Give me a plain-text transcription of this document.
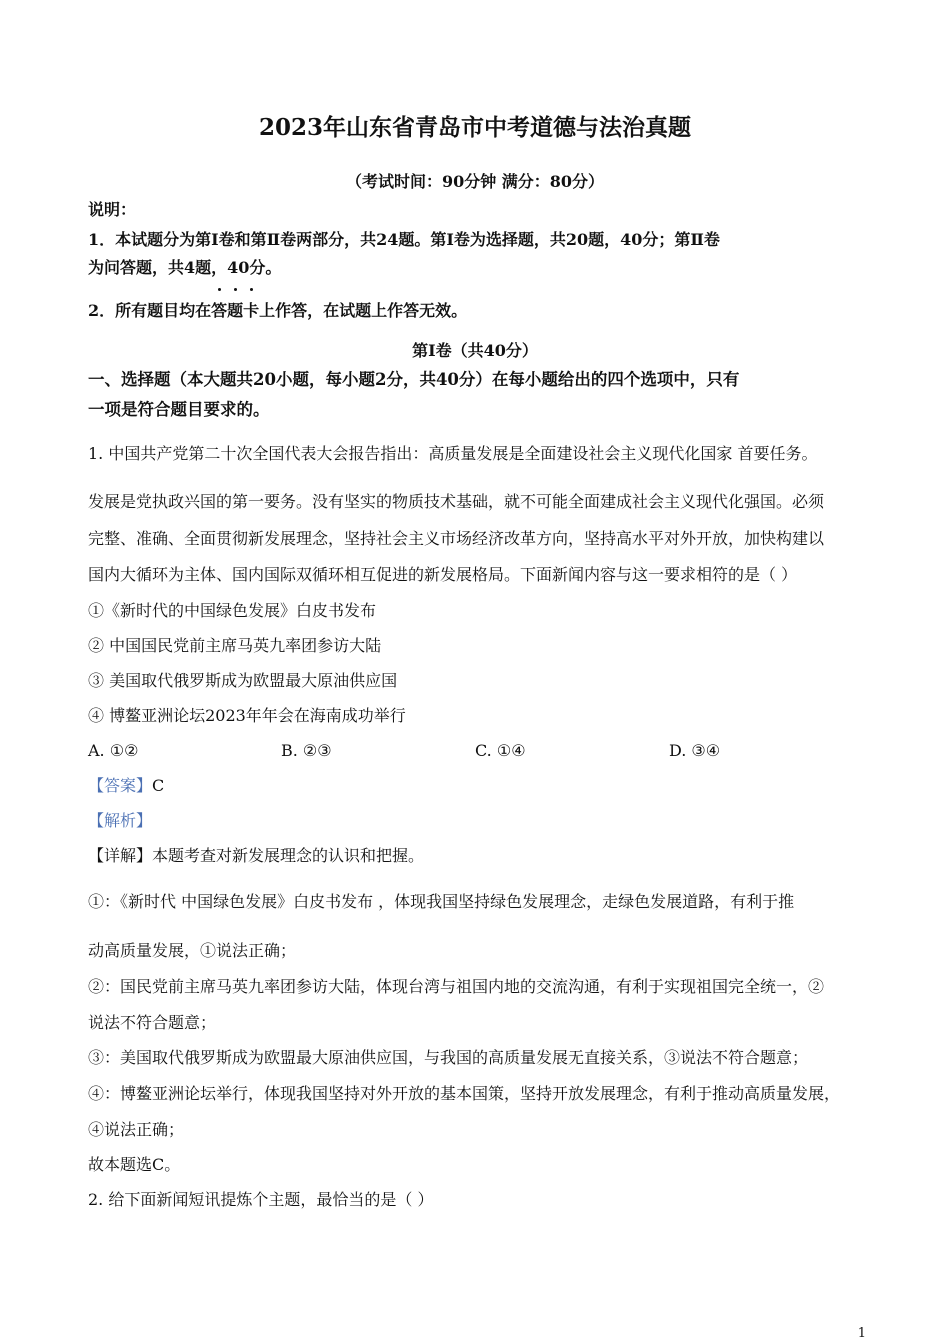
2023年山东省青岛市中考道德与法治真题
（考试时间：90分钟 满分：80分）
说明：
1．本试题分为第I卷和第Ⅱ卷两部分，共24题。第I卷为选择题，共20题，40分；第Ⅱ卷
为问答题，共4题，40分。
2．所有题目均在
答题卡上作答，在试题上作答无效。
第I卷（共40分）
一、选择题（本大题共20小题，每小题2分，共40分）在每小题给出的四个选项中，只有
一项是符合题目要求的。
1. 中国共产党第二十次全国代表大会报告指出：高质量发展是全面建设社会主义现代化国家 首要任务。
发展是党执政兴国的第一要务。没有坚实的物质技术基础，就不可能全面建成社会主义现代化强国。必须
完整、准确、全面贯彻新发展理念，坚持社会主义市场经济改革方向，坚持高水平对外开放，加快构建以
国内大循环为主体、国内国际双循环相互促进的新发展格局。下面新闻内容与这一要求相符的是（ ）
①《新时代的中国绿色发展》白皮书发布
② 中国国民党前主席马英九率团参访大陆
③ 美国取代俄罗斯成为欧盟最大原油供应国
④ 博鳌亚洲论坛2023年年会在海南成功举行
A. ①②	B. ②③	C. ①④	D. ③④
【答案】C
【解析】
【详解】本题考查对新发展理念的认识和把握。
①：《新时代 中国绿色发展》白皮书发布 ，体现我国坚持绿色发展理念，走绿色发展道路，有利于推
动高质量发展，①说法正确；
②：国民党前主席马英九率团参访大陆，体现台湾与祖国内地的交流沟通，有利于实现祖国完全统一，②
说法不符合题意；
③：美国取代俄罗斯成为欧盟最大原油供应国，与我国的高质量发展无直接关系，③说法不符合题意；
④：博鳌亚洲论坛举行，体现我国坚持对外开放的基本国策，坚持开放发展理念，有利于推动高质量发展，
④说法正确；
故本题选C。
2. 给下面新闻短讯提炼个主题，最恰当的是（ ）
1
